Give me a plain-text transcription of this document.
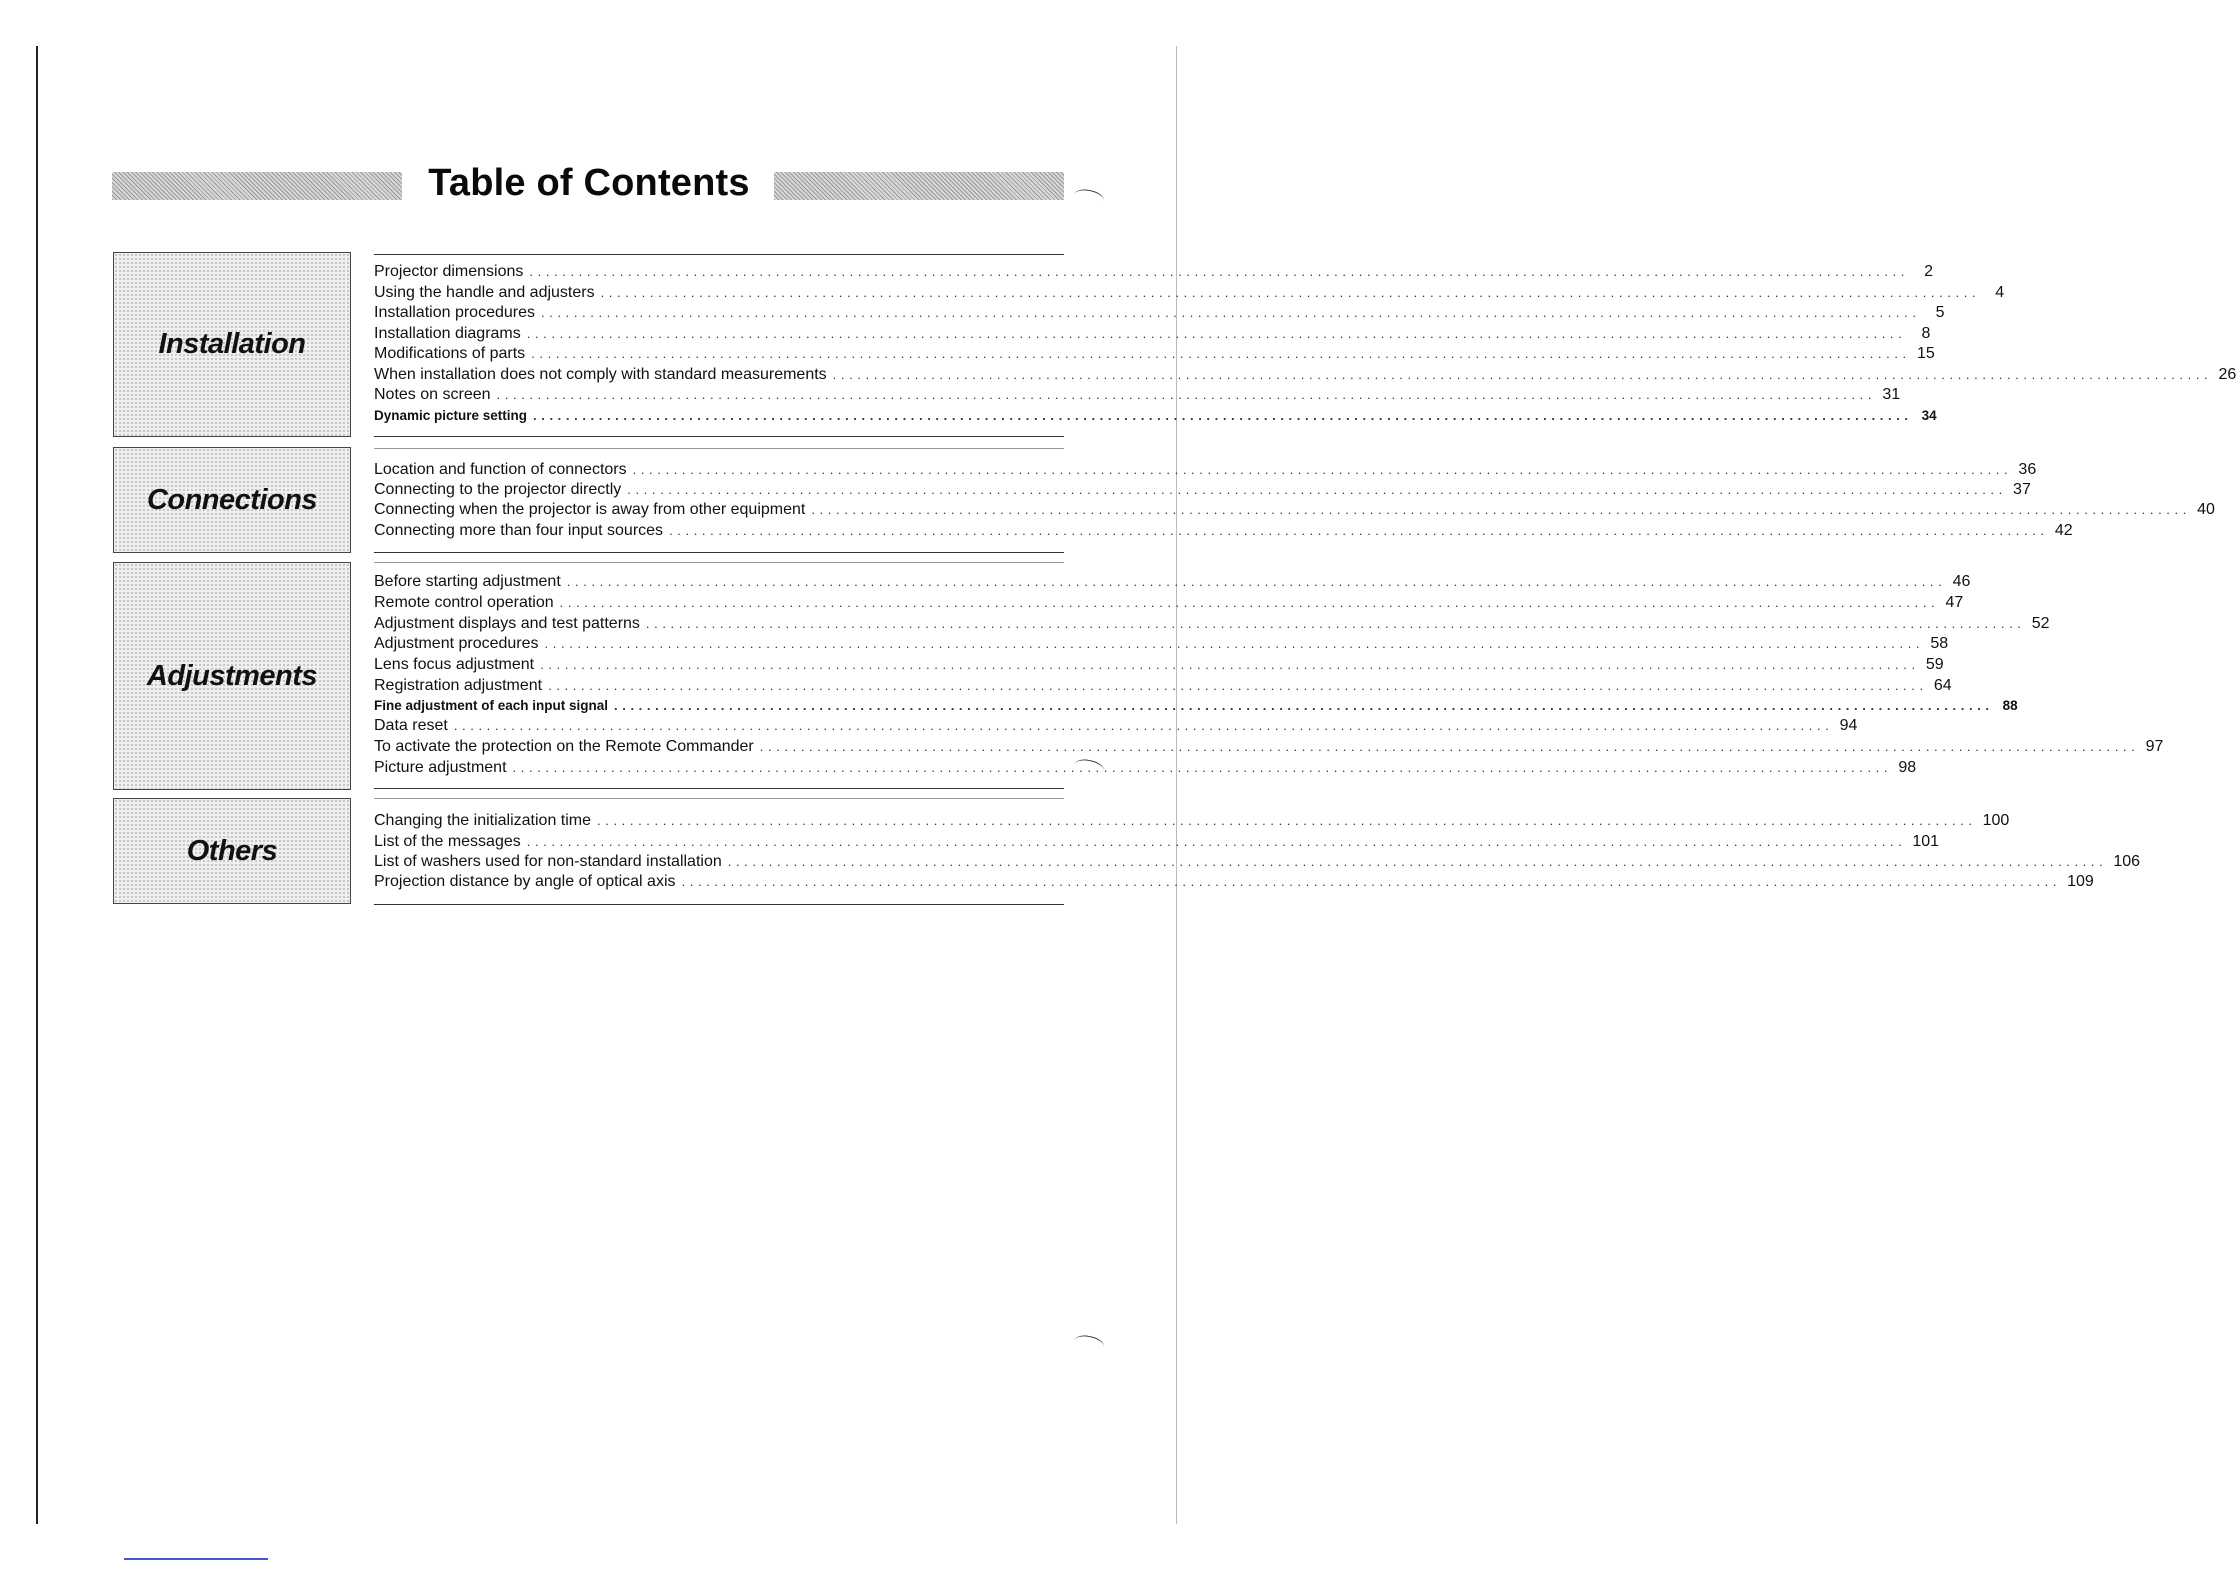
Table of Contents
Installation
Projector dimensions ........................................................................................................................................................................ 2
Using the handle and adjusters ........................................................................................................................................................................ 4
Installation procedures ........................................................................................................................................................................ 5
Installation diagrams ........................................................................................................................................................................ 8
Modifications of parts ........................................................................................................................................................................ 15
When installation does not comply with standard measurements ........................................................................................................................................................................ 26
Notes on screen ........................................................................................................................................................................ 31
Dynamic picture setting ........................................................................................................................................................................ 34
Connections
Location and function of connectors ........................................................................................................................................................................ 36
Connecting to the projector directly ........................................................................................................................................................................ 37
Connecting when the projector is away from other equipment ........................................................................................................................................................................ 40
Connecting more than four input sources ........................................................................................................................................................................ 42
Adjustments
Before starting adjustment ........................................................................................................................................................................ 46
Remote control operation ........................................................................................................................................................................ 47
Adjustment displays and test patterns ........................................................................................................................................................................ 52
Adjustment procedures ........................................................................................................................................................................ 58
Lens focus adjustment ........................................................................................................................................................................ 59
Registration adjustment ........................................................................................................................................................................ 64
Fine adjustment of each input signal ........................................................................................................................................................................ 88
Data reset ........................................................................................................................................................................ 94
To activate the protection on the Remote Commander ........................................................................................................................................................................ 97
Picture adjustment ........................................................................................................................................................................ 98
Others
Changing the initialization time ........................................................................................................................................................................ 100
List of the messages ........................................................................................................................................................................ 101
List of washers used for non-standard installation ........................................................................................................................................................................ 106
Projection distance by angle of optical axis ........................................................................................................................................................................ 109
